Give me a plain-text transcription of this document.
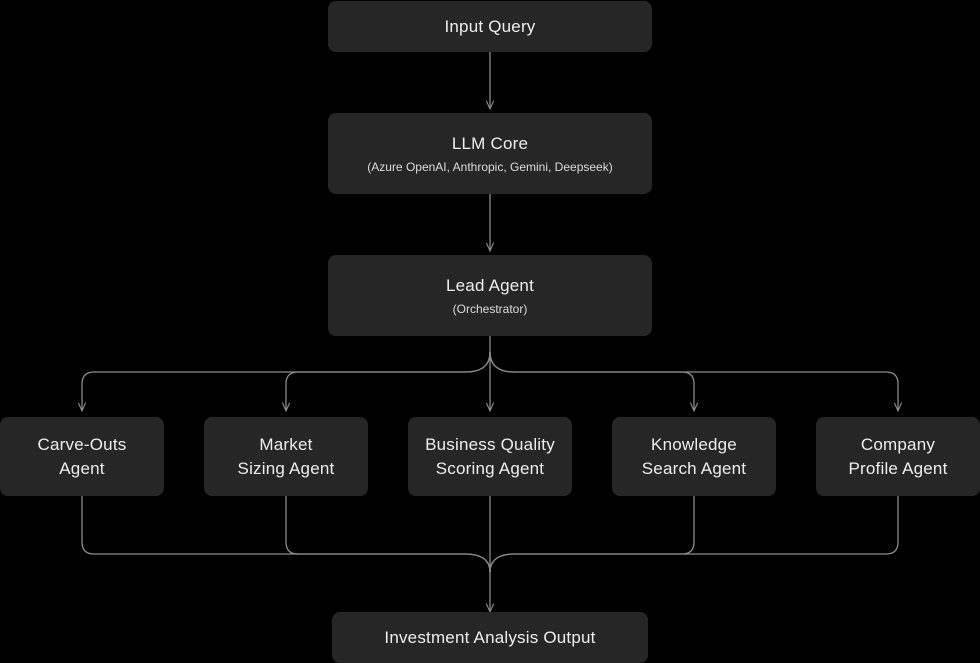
Input Query
LLM Core
(Azure OpenAI, Anthropic, Gemini, Deepseek)
Lead Agent
(Orchestrator)
Carve-Outs
Agent
Market
Sizing Agent
Business Quality
Scoring Agent
Knowledge
Search Agent
Company
Profile Agent
Investment Analysis Output
